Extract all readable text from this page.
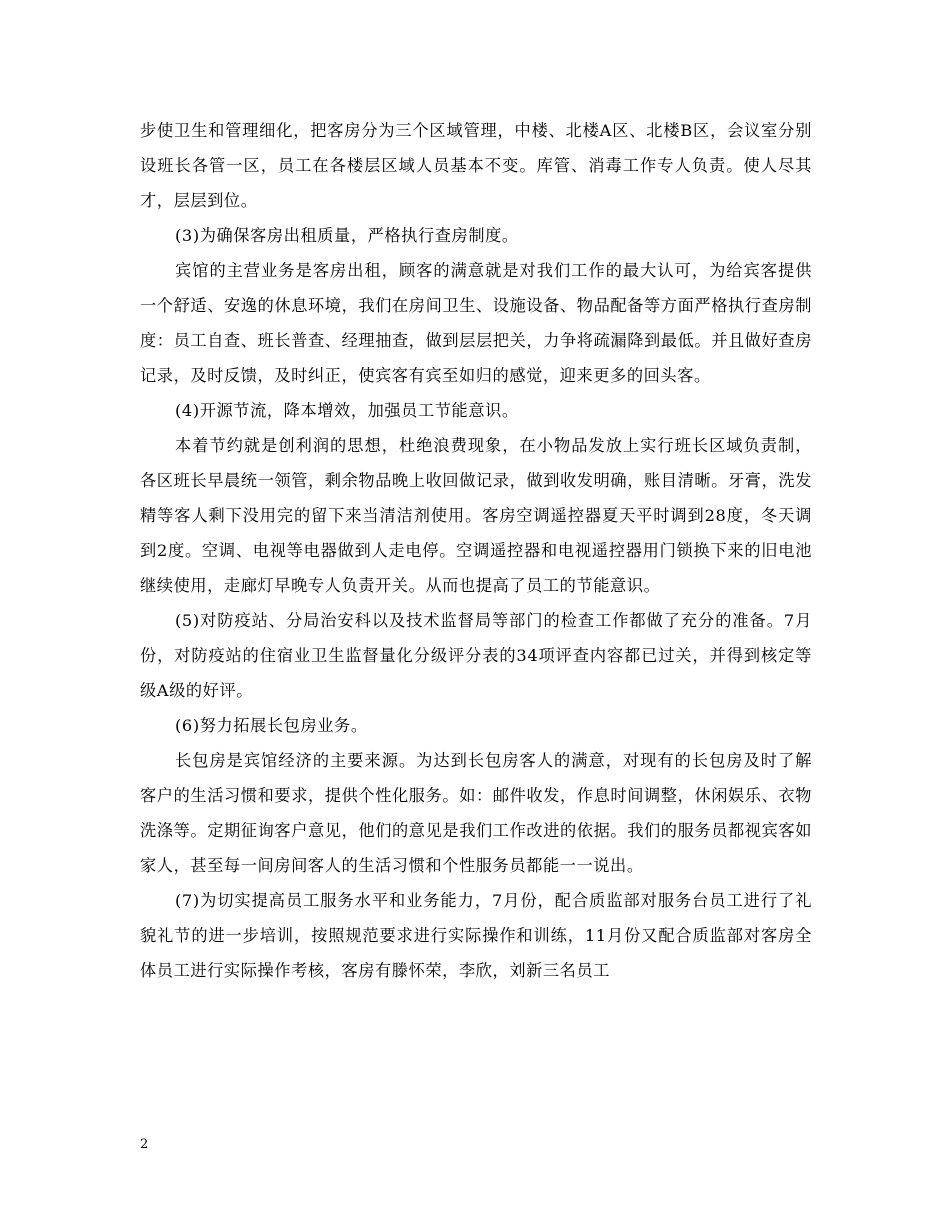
步使卫生和管理细化，把客房分为三个区域管理，中楼、北楼A区、北楼B区，会议室分别设班长各管一区，员工在各楼层区域人员基本不变。库管、消毒工作专人负责。使人尽其才，层层到位。

(3)为确保客房出租质量，严格执行查房制度。

宾馆的主营业务是客房出租，顾客的满意就是对我们工作的最大认可，为给宾客提供一个舒适、安逸的休息环境，我们在房间卫生、设施设备、物品配备等方面严格执行查房制度：员工自查、班长普查、经理抽查，做到层层把关，力争将疏漏降到最低。并且做好查房记录，及时反馈，及时纠正，使宾客有宾至如归的感觉，迎来更多的回头客。

(4)开源节流，降本增效，加强员工节能意识。

本着节约就是创利润的思想，杜绝浪费现象，在小物品发放上实行班长区域负责制，各区班长早晨统一领管，剩余物品晚上收回做记录，做到收发明确，账目清晰。牙膏，洗发精等客人剩下没用完的留下来当清洁剂使用。客房空调遥控器夏天平时调到28度，冬天调到2度。空调、电视等电器做到人走电停。空调遥控器和电视遥控器用门锁换下来的旧电池继续使用，走廊灯早晚专人负责开关。从而也提高了员工的节能意识。

(5)对防疫站、分局治安科以及技术监督局等部门的检查工作都做了充分的准备。7月份，对防疫站的住宿业卫生监督量化分级评分表的34项评查内容都已过关，并得到核定等级A级的好评。

(6)努力拓展长包房业务。

长包房是宾馆经济的主要来源。为达到长包房客人的满意，对现有的长包房及时了解客户的生活习惯和要求，提供个性化服务。如：邮件收发，作息时间调整，休闲娱乐、衣物洗涤等。定期征询客户意见，他们的意见是我们工作改进的依据。我们的服务员都视宾客如家人，甚至每一间房间客人的生活习惯和个性服务员都能一一说出。

(7)为切实提高员工服务水平和业务能力，7月份，配合质监部对服务台员工进行了礼貌礼节的进一步培训，按照规范要求进行实际操作和训练，11月份又配合质监部对客房全体员工进行实际操作考核，客房有滕怀荣，李欣，刘新三名员工

2
